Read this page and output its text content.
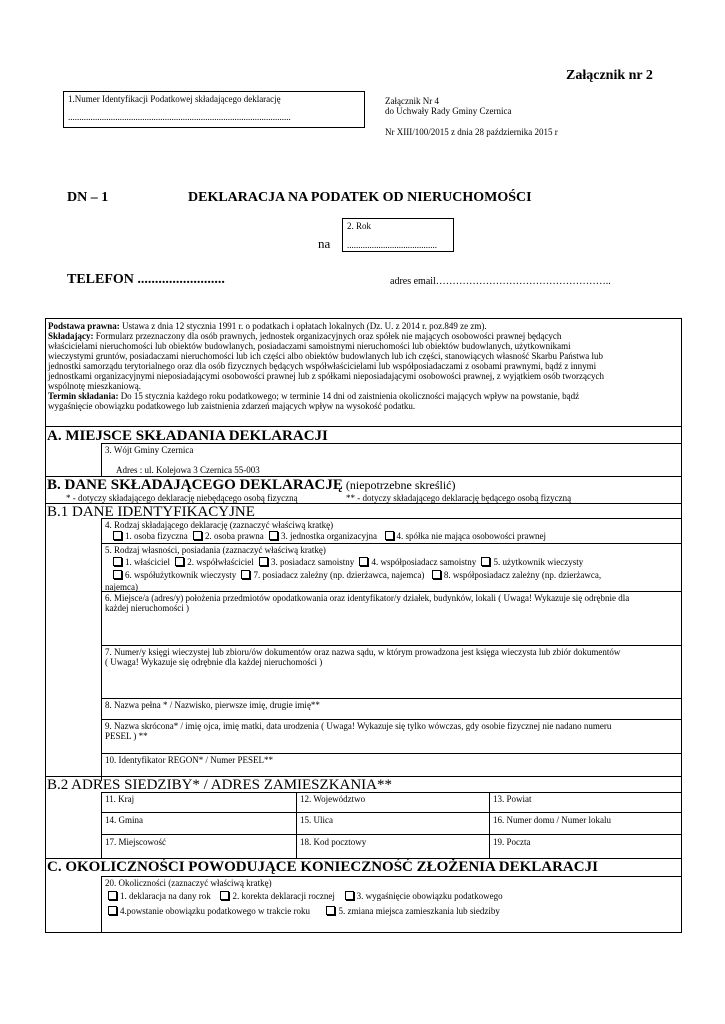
Załącznik nr 2
1.Numer Identyfikacji Podatkowej składającego deklarację
...................................................................................................
Załącznik Nr 4
do Uchwały Rady Gminy Czernica
Nr XIII/100/2015 z dnia 28 października 2015 r
DN – 1	DEKLARACJA NA PODATEK OD NIERUCHOMOŚCI
na
2. Rok
........................................
TELEFON .........................	adres email……………………………………………..
Podstawa prawna: Ustawa z dnia 12 stycznia 1991 r. o podatkach i opłatach lokalnych (Dz. U. z 2014 r. poz.849 ze zm).
Składający: Formularz przeznaczony dla osób prawnych, jednostek organizacyjnych oraz spółek nie mających osobowości prawnej będących
właścicielami nieruchomości lub obiektów budowlanych, posiadaczami samoistnymi nieruchomości lub obiektów budowlanych, użytkownikami
wieczystymi gruntów, posiadaczami nieruchomości lub ich części albo obiektów budowlanych lub ich części, stanowiących własność Skarbu Państwa lub
jednostki samorządu terytorialnego oraz dla osób fizycznych będących współwłaścicielami lub współposiadaczami z osobami prawnymi, bądź z innymi
jednostkami organizacyjnymi nieposiadającymi osobowości prawnej lub z spółkami nieposiadającymi osobowości prawnej, z wyjątkiem osób tworzących
wspólnotę mieszkaniową.
Termin składania: Do 15 stycznia każdego roku podatkowego; w terminie 14 dni od zaistnienia okoliczności mających wpływ na powstanie, bądź
wygaśnięcie obowiązku podatkowego lub zaistnienia zdarzeń mających wpływ na wysokość podatku.
A. MIEJSCE SKŁADANIA DEKLARACJI
3. Wójt Gminy Czernica
Adres : ul. Kolejowa 3 Czernica 55-003
B. DANE SKŁADAJĄCEGO DEKLARACJĘ (niepotrzebne skreślić)
* - dotyczy składającego deklarację niebędącego osobą fizyczną	** - dotyczy składającego deklarację będącego osobą fizyczną
B.1 DANE IDENTYFIKACYJNE
4. Rodzaj składającego deklarację (zaznaczyć właściwą kratkę)
1. osoba fizyczna 2. osoba prawna 3. jednostka organizacyjna 4. spółka nie mająca osobowości prawnej
5. Rodzaj własności, posiadania (zaznaczyć właściwą kratkę)
1. właściciel 2. współwłaściciel 3. posiadacz samoistny 4. współposiadacz samoistny 5. użytkownik wieczysty
6. współużytkownik wieczysty 7. posiadacz zależny (np. dzierżawca, najemca) 8. współposiadacz zależny (np. dzierżawca,
najemca)
6. Miejsce/a (adres/y) położenia przedmiotów opodatkowania oraz identyfikator/y działek, budynków, lokali ( Uwaga! Wykazuje się odrębnie dla
każdej nieruchomości )
7. Numer/y księgi wieczystej lub zbioru/ów dokumentów oraz nazwa sądu, w którym prowadzona jest księga wieczysta lub zbiór dokumentów
( Uwaga! Wykazuje się odrębnie dla każdej nieruchomości )
8. Nazwa pełna * / Nazwisko, pierwsze imię, drugie imię**
9. Nazwa skrócona* / imię ojca, imię matki, data urodzenia ( Uwaga! Wykazuje się tylko wówczas, gdy osobie fizycznej nie nadano numeru
PESEL ) **
10. Identyfikator REGON* / Numer PESEL**
B.2 ADRES SIEDZIBY* / ADRES ZAMIESZKANIA**
11. Kraj	12. Województwo	13. Powiat
14. Gmina	15. Ulica	16. Numer domu / Numer lokalu
17. Miejscowość	18. Kod pocztowy	19. Poczta
C. OKOLICZNOŚCI POWODUJĄCE KONIECZNOŚĆ ZŁOŻENIA DEKLARACJI
20. Okoliczności (zaznaczyć właściwą kratkę)
1. deklaracja na dany rok 2. korekta deklaracji rocznej 3. wygaśnięcie obowiązku podatkowego
4.powstanie obowiązku podatkowego w trakcie roku	5. zmiana miejsca zamieszkania lub siedziby
